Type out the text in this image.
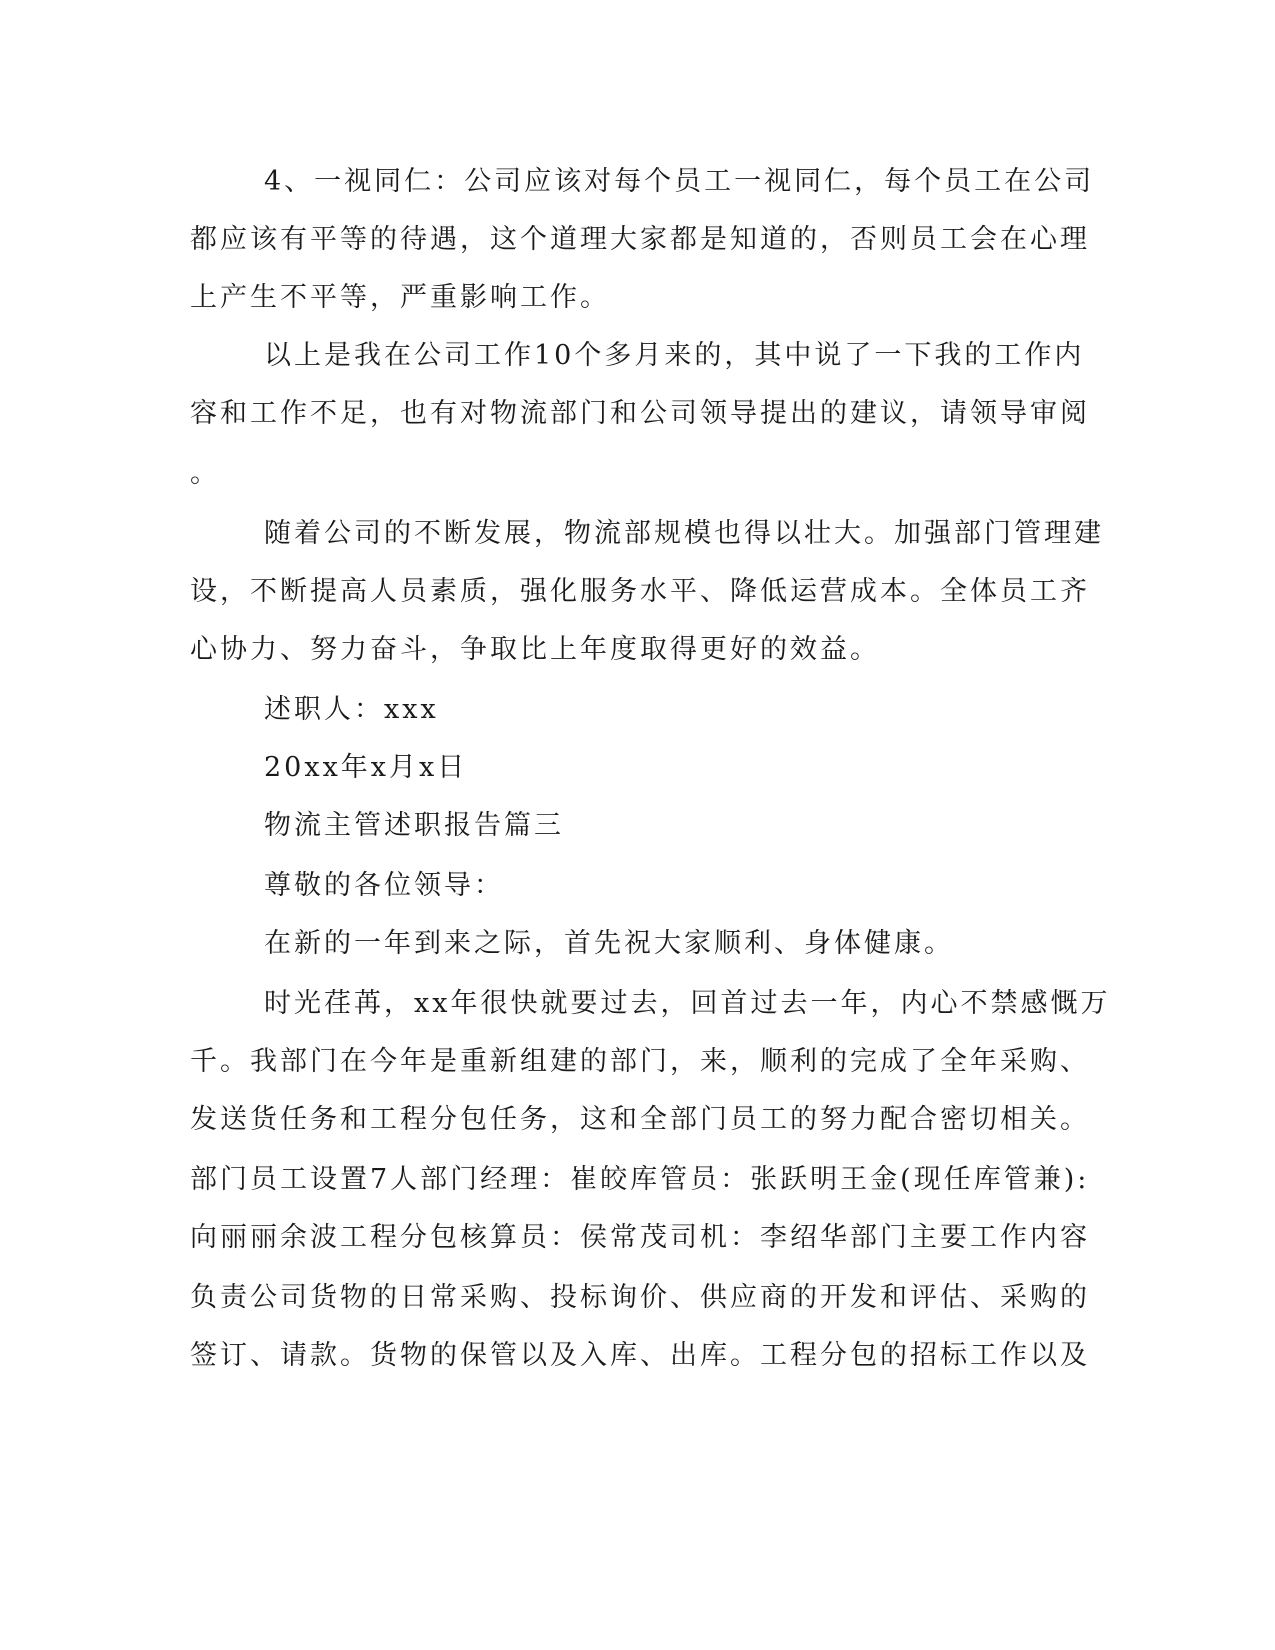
4、一视同仁：公司应该对每个员工一视同仁，每个员工在公司
都应该有平等的待遇，这个道理大家都是知道的，否则员工会在心理
上产生不平等，严重影响工作。
以上是我在公司工作10个多月来的，其中说了一下我的工作内
容和工作不足，也有对物流部门和公司领导提出的建议，请领导审阅
。
随着公司的不断发展，物流部规模也得以壮大。加强部门管理建
设，不断提高人员素质，强化服务水平、降低运营成本。全体员工齐
心协力、努力奋斗，争取比上年度取得更好的效益。
述职人：xxx
20xx年x月x日
物流主管述职报告篇三
尊敬的各位领导：
在新的一年到来之际，首先祝大家顺利、身体健康。
时光荏苒，xx年很快就要过去，回首过去一年，内心不禁感慨万
千。我部门在今年是重新组建的部门，来，顺利的完成了全年采购、
发送货任务和工程分包任务，这和全部门员工的努力配合密切相关。
部门员工设置7人部门经理：崔皎库管员：张跃明王金(现任库管兼):
向丽丽余波工程分包核算员：侯常茂司机：李绍华部门主要工作内容
负责公司货物的日常采购、投标询价、供应商的开发和评估、采购的
签订、请款。货物的保管以及入库、出库。工程分包的招标工作以及
